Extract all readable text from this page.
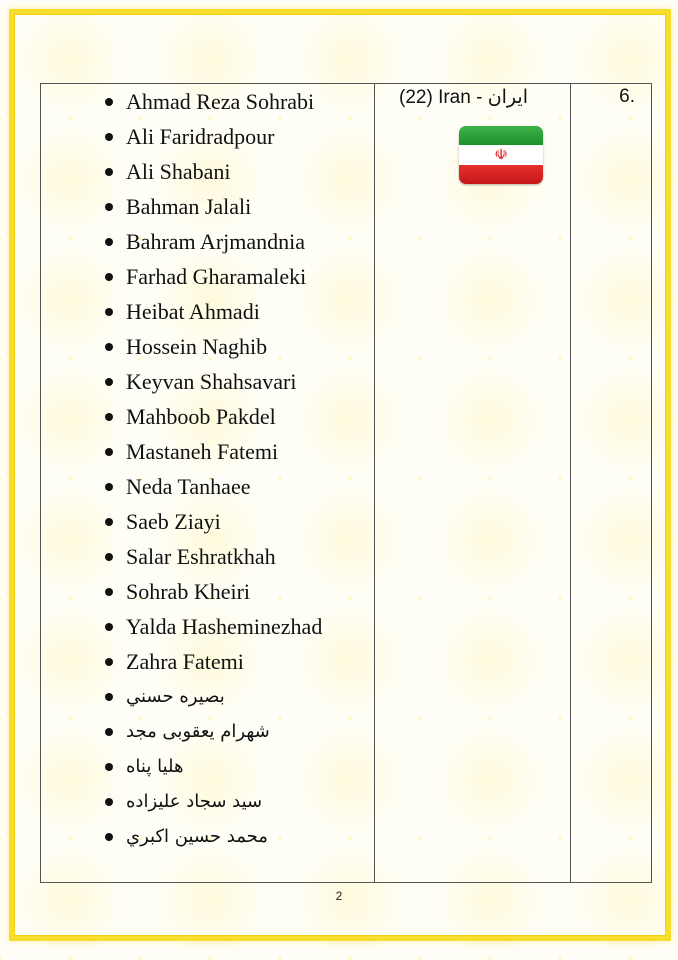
Ahmad Reza Sohrabi
Ali Faridradpour
Ali Shabani
Bahman Jalali
Bahram Arjmandnia
Farhad Gharamaleki
Heibat Ahmadi
Hossein Naghib
Keyvan Shahsavari
Mahboob Pakdel
Mastaneh Fatemi
Neda Tanhaee
Saeb Ziayi
Salar Eshratkhah
Sohrab Kheiri
Yalda Hasheminezhad
Zahra Fatemi
بصيره حسني
شهرام يعقوبى مجد
هليا پناه
سيد سجاد عليزاده
محمد حسين اكبري
(22) Iran - ايران
☫
6.
2
